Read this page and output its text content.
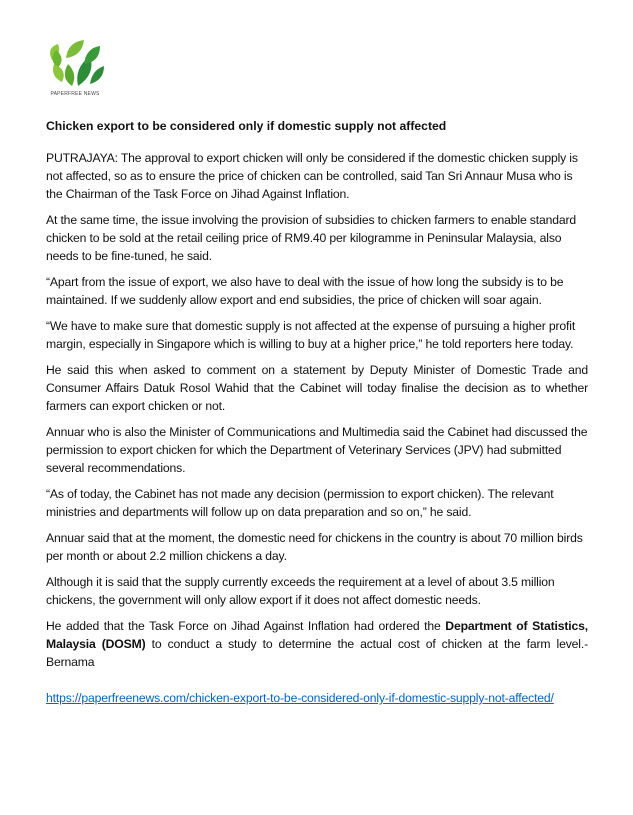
PAPERFREE NEWS
Chicken export to be considered only if domestic supply not affected

PUTRAJAYA: The approval to export chicken will only be considered if the domestic chicken supply is not affected, so as to ensure the price of chicken can be controlled, said Tan Sri Annaur Musa who is the Chairman of the Task Force on Jihad Against Inflation.

At the same time, the issue involving the provision of subsidies to chicken farmers to enable standard chicken to be sold at the retail ceiling price of RM9.40 per kilogramme in Peninsular Malaysia, also needs to be fine-tuned, he said.

“Apart from the issue of export, we also have to deal with the issue of how long the subsidy is to be maintained. If we suddenly allow export and end subsidies, the price of chicken will soar again.

“We have to make sure that domestic supply is not affected at the expense of pursuing a higher profit margin, especially in Singapore which is willing to buy at a higher price,” he told reporters here today.

He said this when asked to comment on a statement by Deputy Minister of Domestic Trade and Consumer Affairs Datuk Rosol Wahid that the Cabinet will today finalise the decision as to whether farmers can export chicken or not.

Annuar who is also the Minister of Communications and Multimedia said the Cabinet had discussed the permission to export chicken for which the Department of Veterinary Services (JPV) had submitted several recommendations.

“As of today, the Cabinet has not made any decision (permission to export chicken). The relevant ministries and departments will follow up on data preparation and so on,” he said.

Annuar said that at the moment, the domestic need for chickens in the country is about 70 million birds per month or about 2.2 million chickens a day.

Although it is said that the supply currently exceeds the requirement at a level of about 3.5 million chickens, the government will only allow export if it does not affect domestic needs.

He added that the Task Force on Jihad Against Inflation had ordered the Department of Statistics, Malaysia (DOSM) to conduct a study to determine the actual cost of chicken at the farm level.- Bernama

https://paperfreenews.com/chicken-export-to-be-considered-only-if-domestic-supply-not-affected/
